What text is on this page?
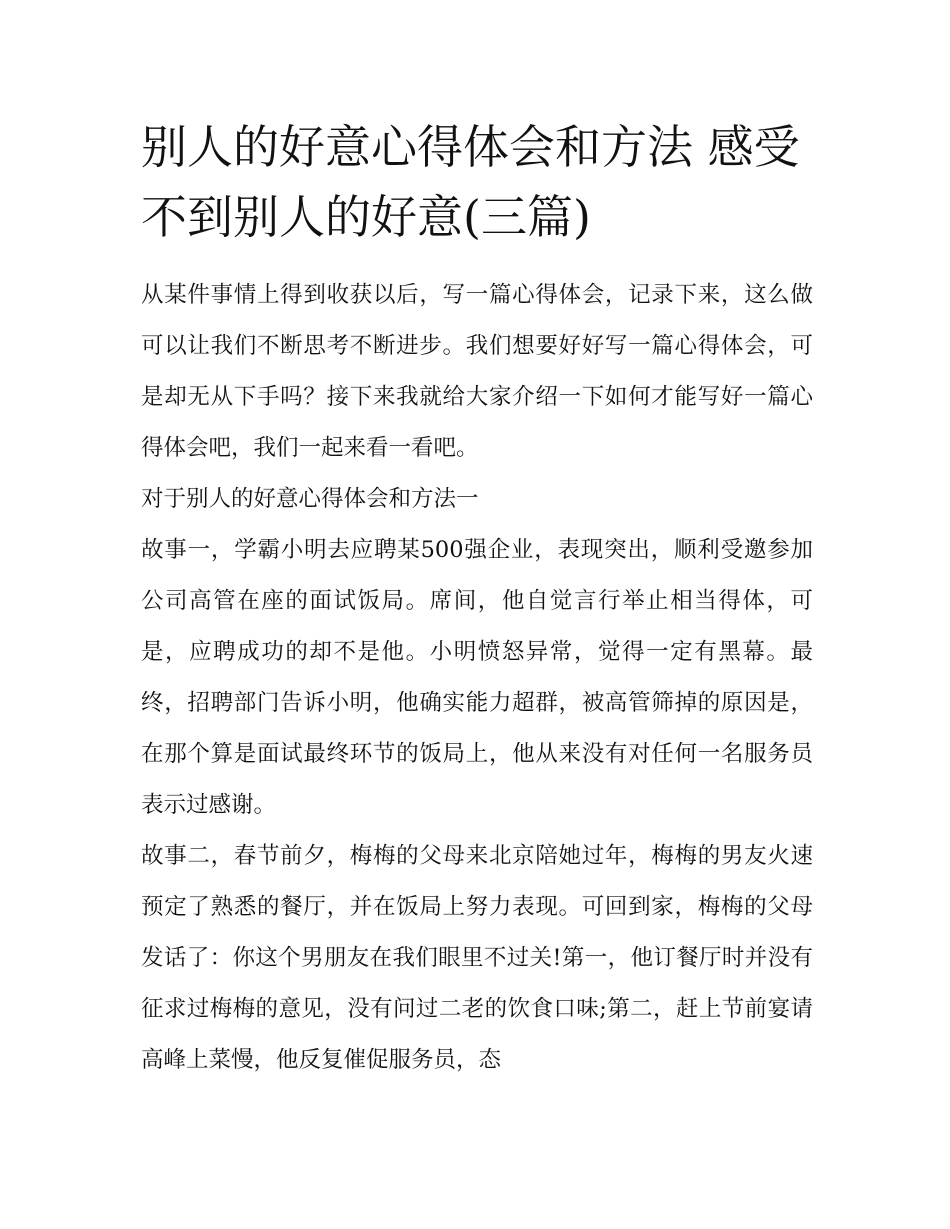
别人的好意心得体会和方法 感受不到别人的好意(三篇)

从某件事情上得到收获以后，写一篇心得体会，记录下来，这么做可以让我们不断思考不断进步。我们想要好好写一篇心得体会，可是却无从下手吗？接下来我就给大家介绍一下如何才能写好一篇心得体会吧，我们一起来看一看吧。

对于别人的好意心得体会和方法一

故事一，学霸小明去应聘某500强企业，表现突出，顺利受邀参加公司高管在座的面试饭局。席间，他自觉言行举止相当得体，可是，应聘成功的却不是他。小明愤怒异常，觉得一定有黑幕。最终，招聘部门告诉小明，他确实能力超群，被高管筛掉的原因是，在那个算是面试最终环节的饭局上，他从来没有对任何一名服务员表示过感谢。

故事二，春节前夕，梅梅的父母来北京陪她过年，梅梅的男友火速预定了熟悉的餐厅，并在饭局上努力表现。可回到家，梅梅的父母发话了：你这个男朋友在我们眼里不过关!第一，他订餐厅时并没有征求过梅梅的意见，没有问过二老的饮食口味;第二，赶上节前宴请高峰上菜慢，他反复催促服务员，态
